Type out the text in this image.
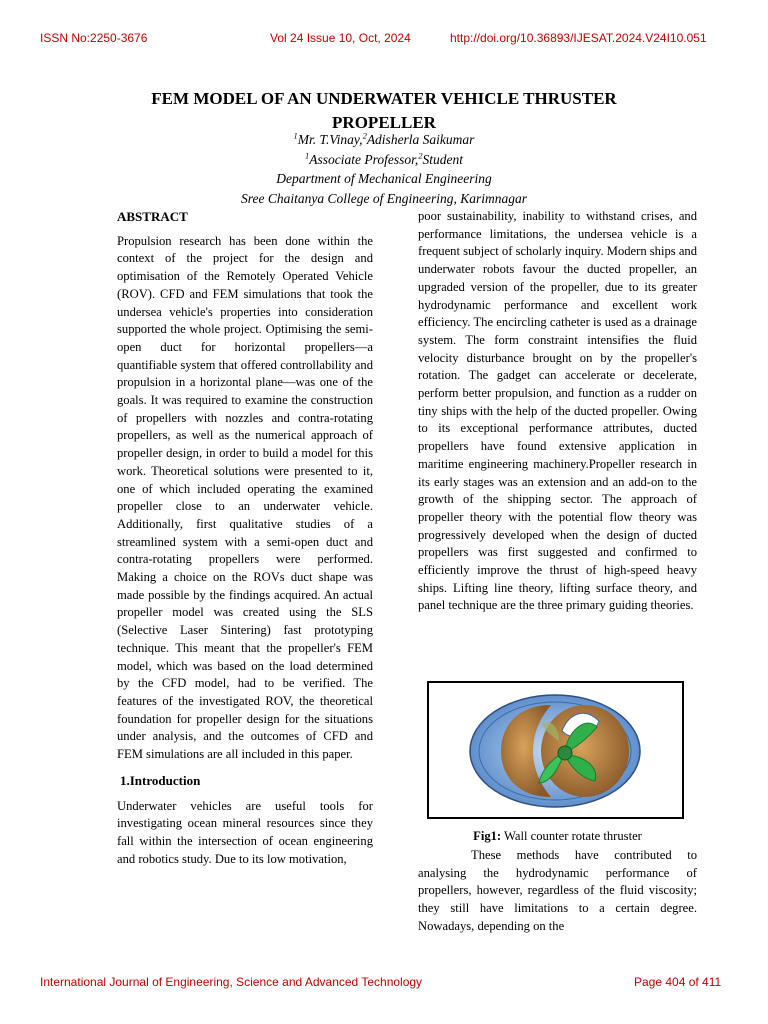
ISSN No:2250-3676	Vol 24 Issue 10, Oct, 2024	http://doi.org/10.36893/IJESAT.2024.V24I10.051
FEM MODEL OF AN UNDERWATER VEHICLE THRUSTER
PROPELLER
$^1$Mr. T.Vinay,$^2$Adisherla Saikumar
$^1$Associate Professor,$^2$Student
Department of Mechanical Engineering
Sree Chaitanya College of Engineering, Karimnagar

ABSTRACT

Propulsion research has been done within the context of the project for the design and optimisation of the Remotely Operated Vehicle (ROV). CFD and FEM simulations that took the undersea vehicle's properties into consideration supported the whole project. Optimising the semi-open duct for horizontal propellers—a quantifiable system that offered controllability and propulsion in a horizontal plane—was one of the goals. It was required to examine the construction of propellers with nozzles and contra-rotating propellers, as well as the numerical approach of propeller design, in order to build a model for this work. Theoretical solutions were presented to it, one of which included operating the examined propeller close to an underwater vehicle. Additionally, first qualitative studies of a streamlined system with a semi-open duct and contra-rotating propellers were performed. Making a choice on the ROVs duct shape was made possible by the findings acquired. An actual propeller model was created using the SLS (Selective Laser Sintering) fast prototyping technique. This meant that the propeller's FEM model, which was based on the load determined by the CFD model, had to be verified. The features of the investigated ROV, the theoretical foundation for propeller design for the situations under analysis, and the outcomes of CFD and FEM simulations are all included in this paper.

1.Introduction

Underwater vehicles are useful tools for investigating ocean mineral resources since they fall within the intersection of ocean engineering and robotics study. Due to its low motivation,

poor sustainability, inability to withstand crises, and performance limitations, the undersea vehicle is a frequent subject of scholarly inquiry. Modern ships and underwater robots favour the ducted propeller, an upgraded version of the propeller, due to its greater hydrodynamic performance and excellent work efficiency. The encircling catheter is used as a drainage system. The form constraint intensifies the fluid velocity disturbance brought on by the propeller's rotation. The gadget can accelerate or decelerate, perform better propulsion, and function as a rudder on tiny ships with the help of the ducted propeller. Owing to its exceptional performance attributes, ducted propellers have found extensive application in maritime engineering machinery.Propeller research in its early stages was an extension and an add-on to the growth of the shipping sector. The approach of propeller theory with the potential flow theory was progressively developed when the design of ducted propellers was first suggested and confirmed to efficiently improve the thrust of high-speed heavy ships. Lifting line theory, lifting surface theory, and panel technique are the three primary guiding theories.

Fig1: Wall counter rotate thruster

These methods have contributed to analysing the hydrodynamic performance of propellers, however, regardless of the fluid viscosity; they still have limitations to a certain degree. Nowadays, depending on the

International Journal of Engineering, Science and Advanced Technology	Page 404 of 411
